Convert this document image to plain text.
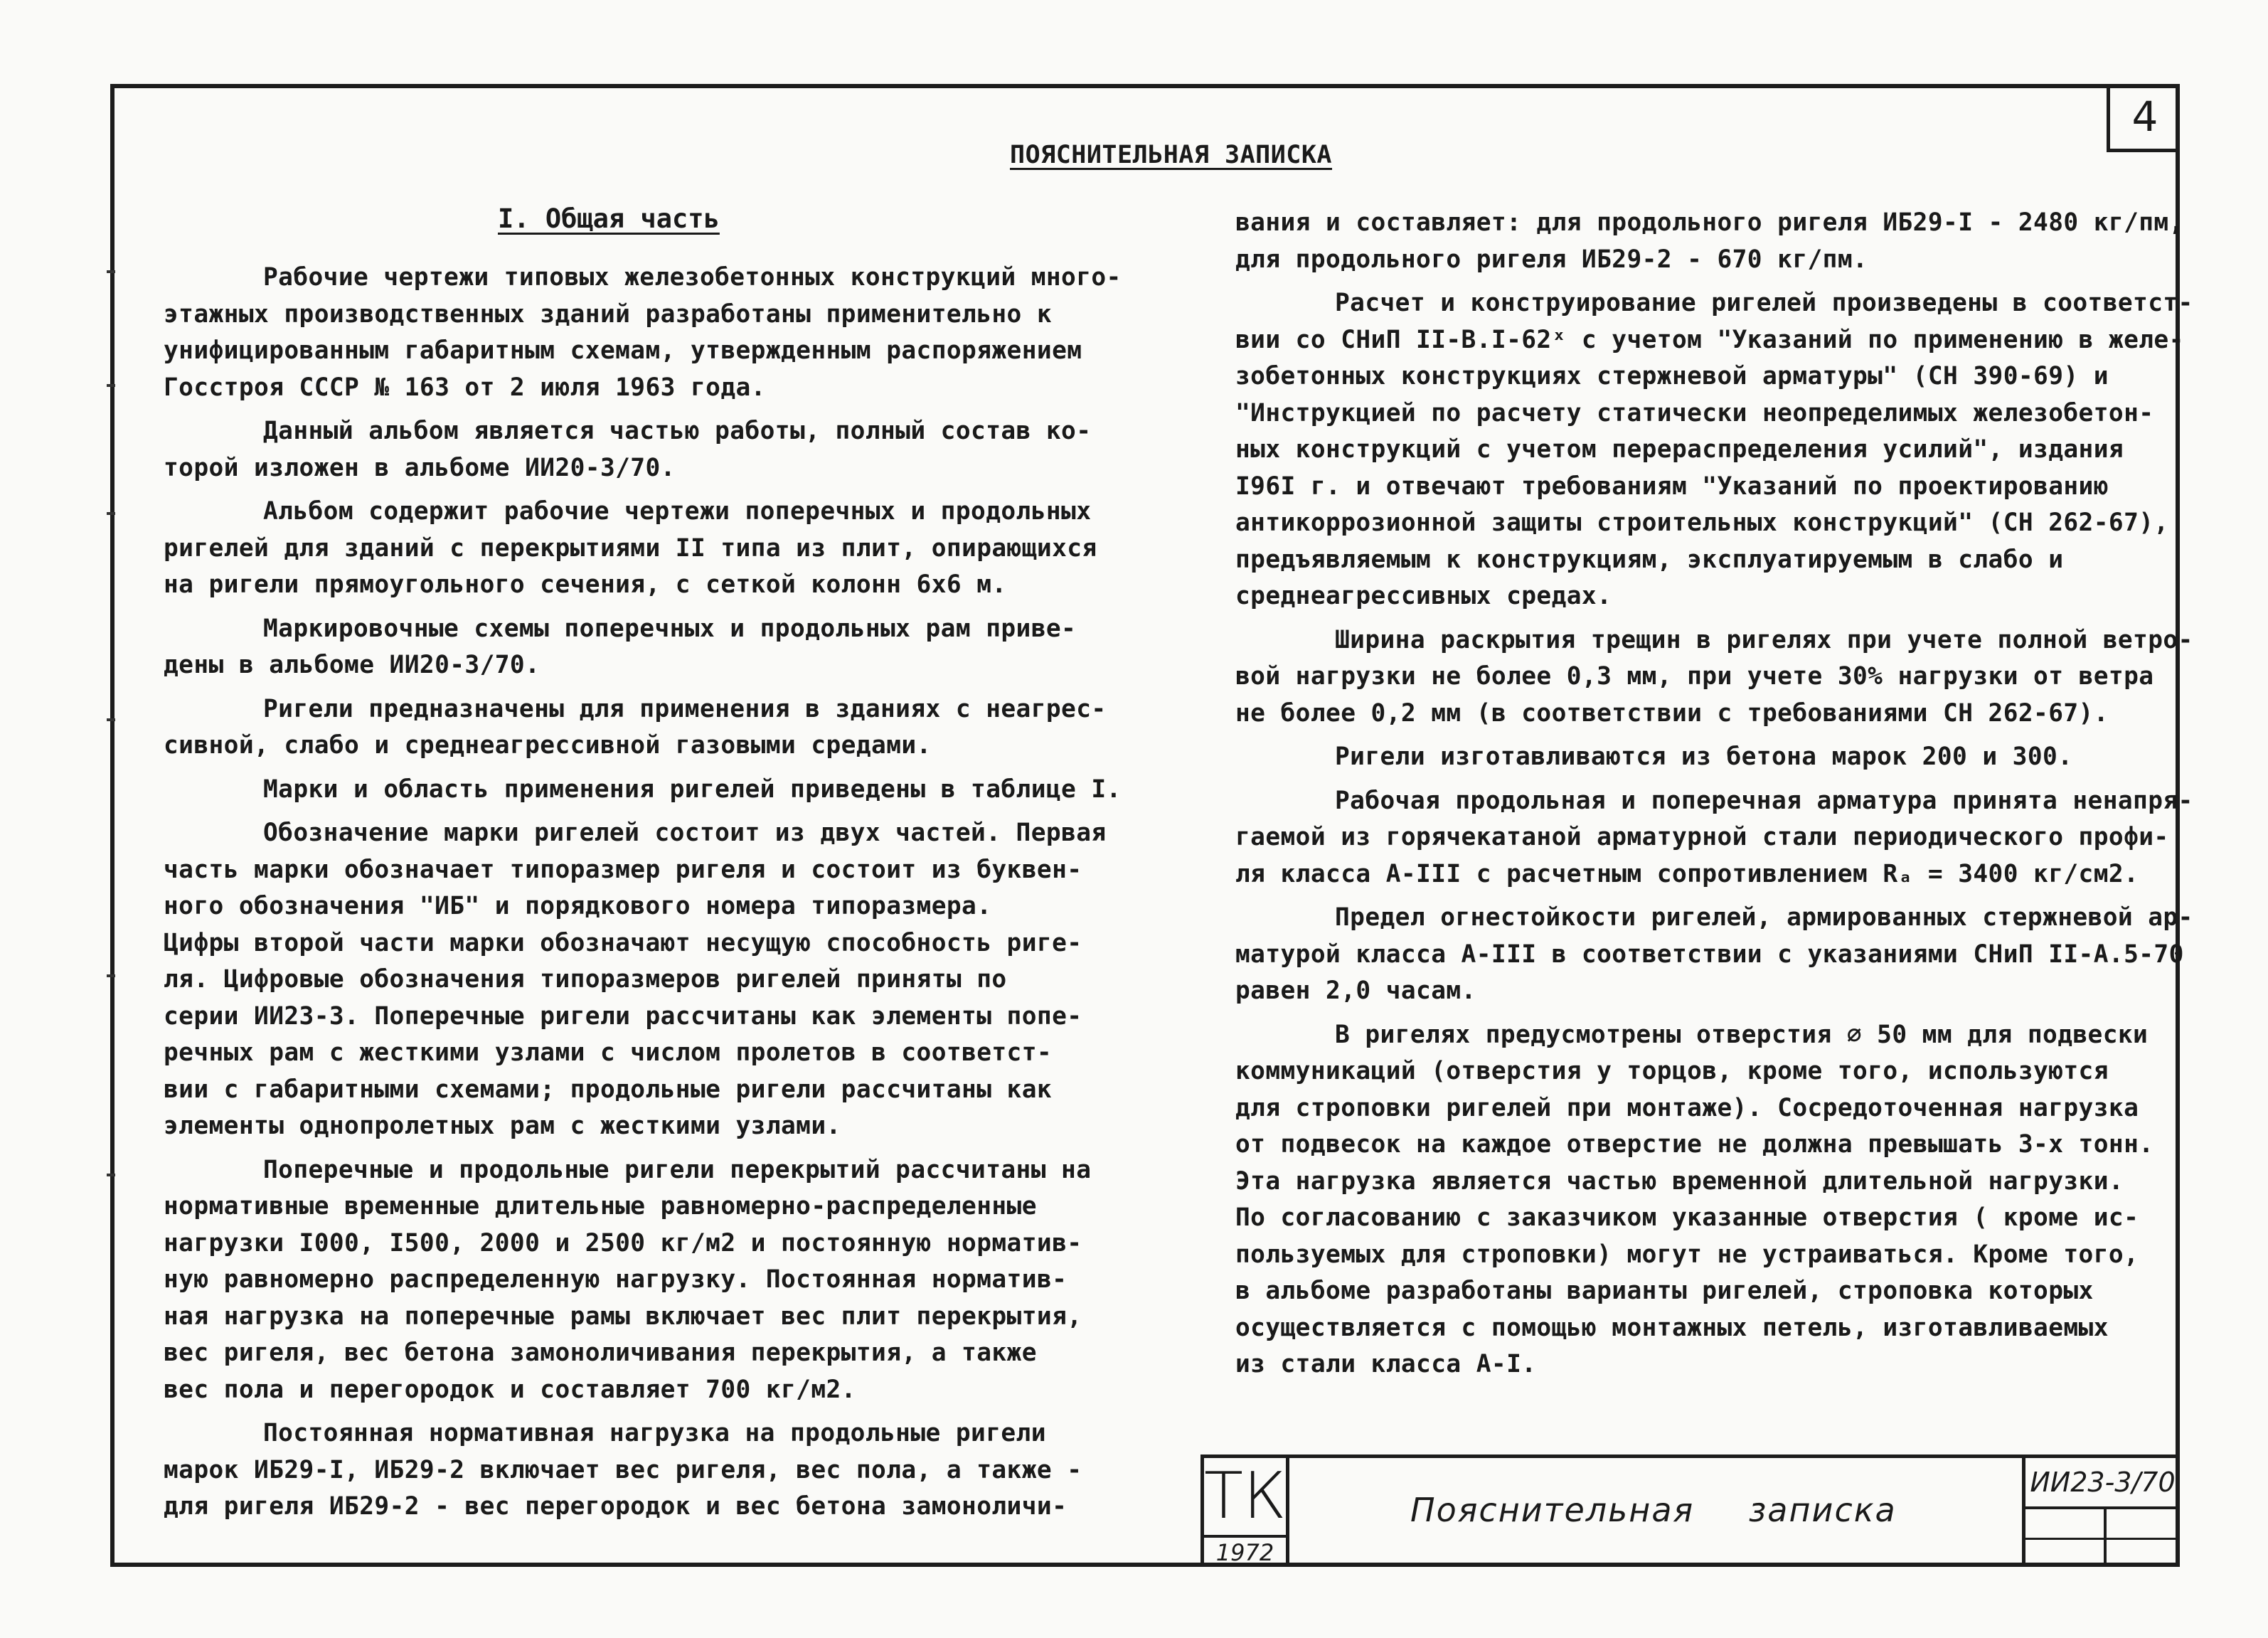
4
ПОЯСНИТЕЛЬНАЯ ЗАПИСКА
I. Общая часть

Рабочие чертежи типовых железобетонных конструкций много-
этажных производственных зданий разработаны применительно к
унифицированным габаритным схемам, утвержденным распоряжением
Госстроя СССР № 163 от 2 июля 1963 года.

Данный альбом является частью работы, полный состав ко-
торой изложен в альбоме ИИ20-3/70.

Альбом содержит рабочие чертежи поперечных и продольных
ригелей для зданий с перекрытиями II типа из плит, опирающихся
на ригели прямоугольного сечения, с сеткой колонн 6х6 м.

Маркировочные схемы поперечных и продольных рам приве-
дены в альбоме ИИ20-3/70.

Ригели предназначены для применения в зданиях с неагрес-
сивной, слабо и среднеагрессивной газовыми средами.

Марки и область применения ригелей приведены в таблице I.

Обозначение марки ригелей состоит из двух частей. Первая
часть марки обозначает типоразмер ригеля и состоит из буквен-
ного обозначения "ИБ" и порядкового номера типоразмера.
Цифры второй части марки обозначают несущую способность риге-
ля. Цифровые обозначения типоразмеров ригелей приняты по
серии ИИ23-3. Поперечные ригели рассчитаны как элементы попе-
речных рам с жесткими узлами с числом пролетов в соответст-
вии с габаритными схемами; продольные ригели рассчитаны как
элементы однопролетных рам с жесткими узлами.

Поперечные и продольные ригели перекрытий рассчитаны на
нормативные временные длительные равномерно-распределенные
нагрузки I000, I500, 2000 и 2500 кг/м2 и постоянную норматив-
ную равномерно распределенную нагрузку. Постоянная норматив-
ная нагрузка на поперечные рамы включает вес плит перекрытия,
вес ригеля, вес бетона замоноличивания перекрытия, а также
вес пола и перегородок и составляет 700 кг/м2.

Постоянная нормативная нагрузка на продольные ригели
марок ИБ29-I, ИБ29-2 включает вес ригеля, вес пола, а также -
для ригеля ИБ29-2 - вес перегородок и вес бетона замоноличи-

вания и составляет: для продольного ригеля ИБ29-I - 2480 кг/пм,
для продольного ригеля ИБ29-2 - 670 кг/пм.

Расчет и конструирование ригелей произведены в соответст-
вии со СНиП II-В.I-62ˣ с учетом "Указаний по применению в желе-
зобетонных конструкциях стержневой арматуры" (СН 390-69) и
"Инструкцией по расчету статически неопределимых железобетон-
ных конструкций с учетом перераспределения усилий", издания
I96I г. и отвечают требованиям "Указаний по проектированию
антикоррозионной защиты строительных конструкций" (СН 262-67),
предъявляемым к конструкциям, эксплуатируемым в слабо и
среднеагрессивных средах.

Ширина раскрытия трещин в ригелях при учете полной ветро-
вой нагрузки не более 0,3 мм, при учете 30% нагрузки от ветра
не более 0,2 мм (в соответствии с требованиями СН 262-67).

Ригели изготавливаются из бетона марок 200 и 300.

Рабочая продольная и поперечная арматура принята ненапря-
гаемой из горячекатаной арматурной стали периодического профи-
ля класса А-III с расчетным сопротивлением Rₐ = 3400 кг/см2.

Предел огнестойкости ригелей, армированных стержневой ар-
матурой класса А-III в соответствии с указаниями СНиП II-А.5-70
равен 2,0 часам.

В ригелях предусмотрены отверстия ∅ 50 мм для подвески
коммуникаций (отверстия у торцов, кроме того, используются
для строповки ригелей при монтаже). Сосредоточенная нагрузка
от подвесок на каждое отверстие не должна превышать 3-х тонн.
Эта нагрузка является частью временной длительной нагрузки.
По согласованию с заказчиком указанные отверстия ( кроме ис-
пользуемых для строповки) могут не устраиваться. Кроме того,
в альбоме разработаны варианты ригелей, строповка которых
осуществляется с помощью монтажных петель, изготавливаемых
из стали класса А-I.

ТК
1972
Пояснительная записка
ИИ23-3/70
